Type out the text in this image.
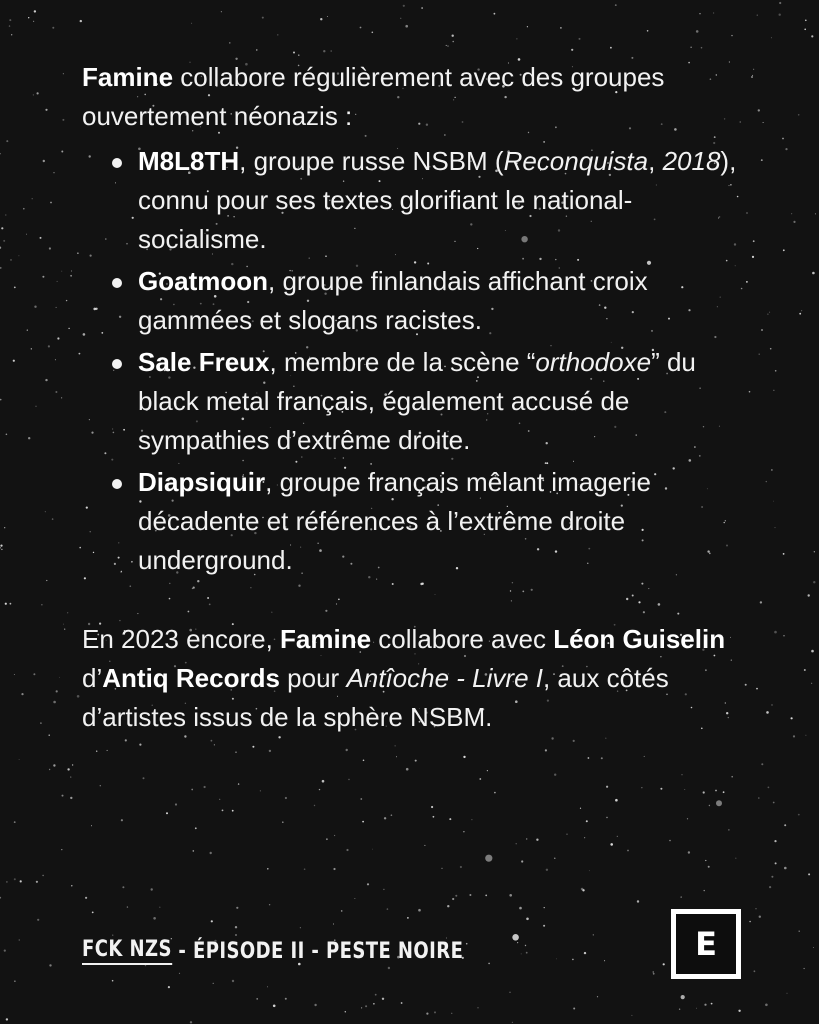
Famine collabore régulièrement avec des groupes ouvertement néonazis :

M8L8TH, groupe russe NSBM (Reconquista, 2018), connu pour ses textes glorifiant le national-socialisme.
Goatmoon, groupe finlandais affichant croix gammées et slogans racistes.
Sale Freux, membre de la scène “orthodoxe” du black metal français, également accusé de sympathies d’extrême droite.
Diapsiquir, groupe français mêlant imagerie décadente et références à l’extrême droite underground.

En 2023 encore, Famine collabore avec Léon Guiselin d’Antiq Records pour Antîoche - Livre I, aux côtés d’artistes issus de la sphère NSBM.

FCK NZS - ÉPISODE II - PESTE NOIRE	E
